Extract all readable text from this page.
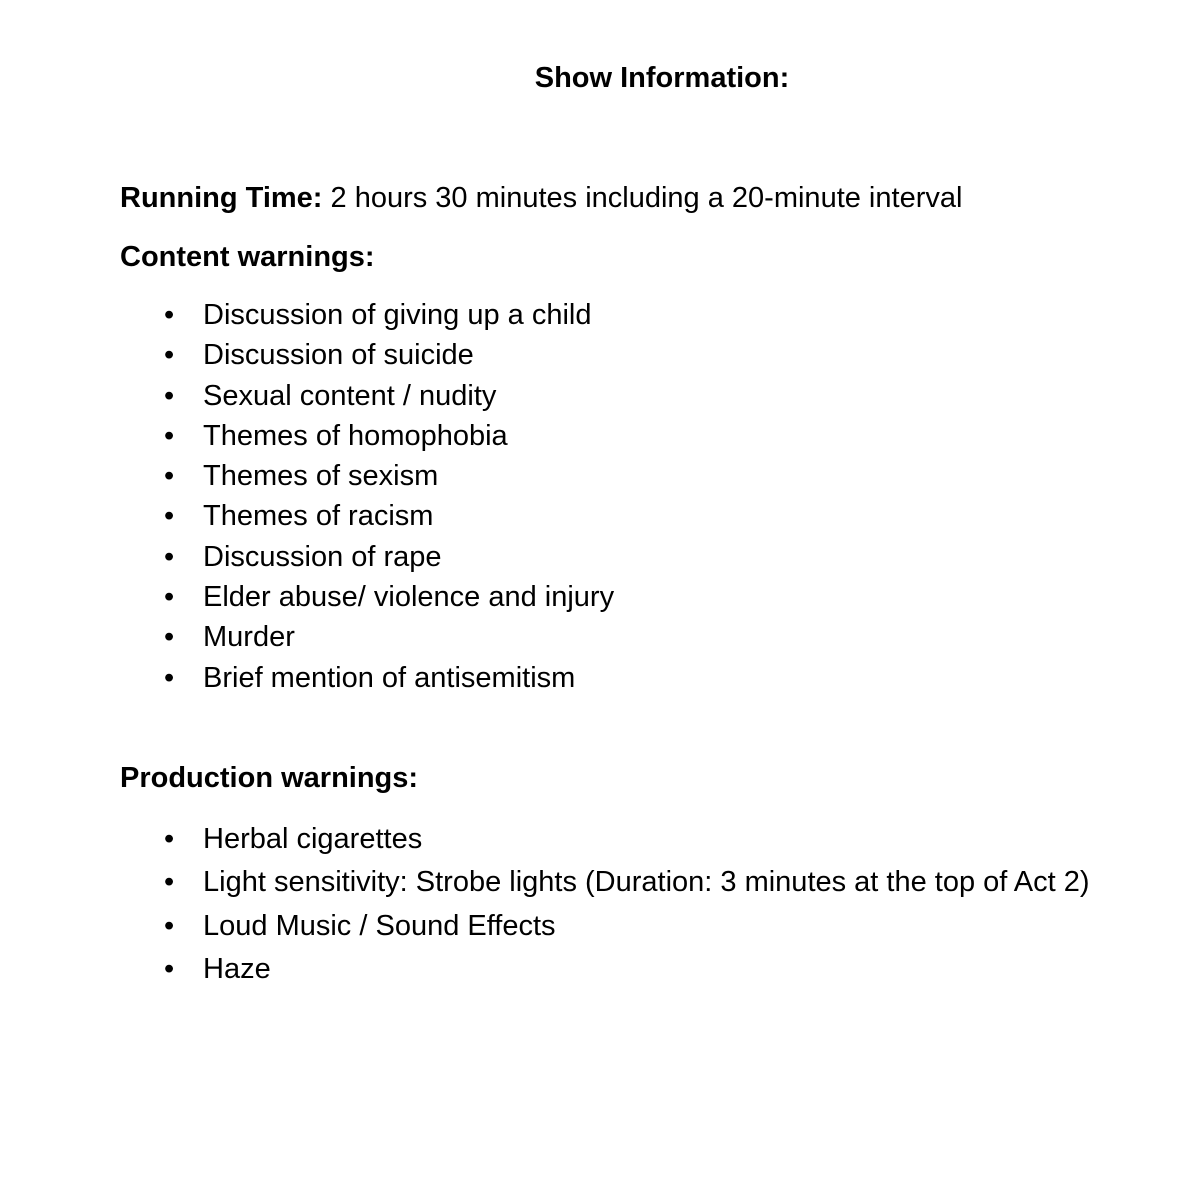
Show Information:
Running Time: 2 hours 30 minutes including a 20-minute interval
Content warnings:
• Discussion of giving up a child
• Discussion of suicide
• Sexual content / nudity
• Themes of homophobia
• Themes of sexism
• Themes of racism
• Discussion of rape
• Elder abuse/ violence and injury
• Murder
• Brief mention of antisemitism
Production warnings:
• Herbal cigarettes
• Light sensitivity: Strobe lights (Duration: 3 minutes at the top of Act 2)
• Loud Music / Sound Effects
• Haze
